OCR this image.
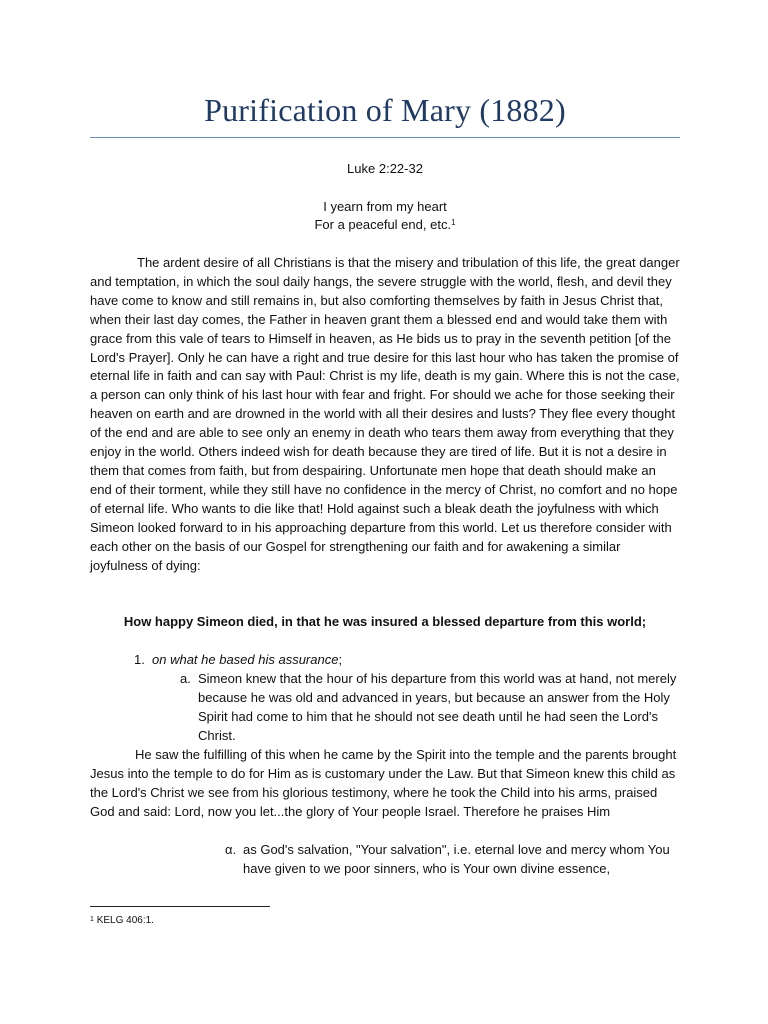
Purification of Mary (1882)
Luke 2:22-32
I yearn from my heart
For a peaceful end, etc.$^1$
The ardent desire of all Christians is that the misery and tribulation of this life, the great danger and temptation, in which the soul daily hangs, the severe struggle with the world, flesh, and devil they have come to know and still remains in, but also comforting themselves by faith in Jesus Christ that, when their last day comes, the Father in heaven grant them a blessed end and would take them with grace from this vale of tears to Himself in heaven, as He bids us to pray in the seventh petition [of the Lord's Prayer]. Only he can have a right and true desire for this last hour who has taken the promise of eternal life in faith and can say with Paul: Christ is my life, death is my gain. Where this is not the case, a person can only think of his last hour with fear and fright. For should we ache for those seeking their heaven on earth and are drowned in the world with all their desires and lusts? They flee every thought of the end and are able to see only an enemy in death who tears them away from everything that they enjoy in the world. Others indeed wish for death because they are tired of life. But it is not a desire in them that comes from faith, but from despairing. Unfortunate men hope that death should make an end of their torment, while they still have no confidence in the mercy of Christ, no comfort and no hope of eternal life. Who wants to die like that! Hold against such a bleak death the joyfulness with which Simeon looked forward to in his approaching departure from this world. Let us therefore consider with each other on the basis of our Gospel for strengthening our faith and for awakening a similar joyfulness of dying:
How happy Simeon died, in that he was insured a blessed departure from this world;
1. on what he based his assurance;
a. Simeon knew that the hour of his departure from this world was at hand, not merely because he was old and advanced in years, but because an answer from the Holy Spirit had come to him that he should not see death until he had seen the Lord's Christ.
He saw the fulfilling of this when he came by the Spirit into the temple and the parents brought Jesus into the temple to do for Him as is customary under the Law. But that Simeon knew this child as the Lord's Christ we see from his glorious testimony, where he took the Child into his arms, praised God and said: Lord, now you let...the glory of Your people Israel. Therefore he praises Him
α. as God's salvation, "Your salvation", i.e. eternal love and mercy whom You have given to we poor sinners, who is Your own divine essence,
$^1$ KELG 406:1.
